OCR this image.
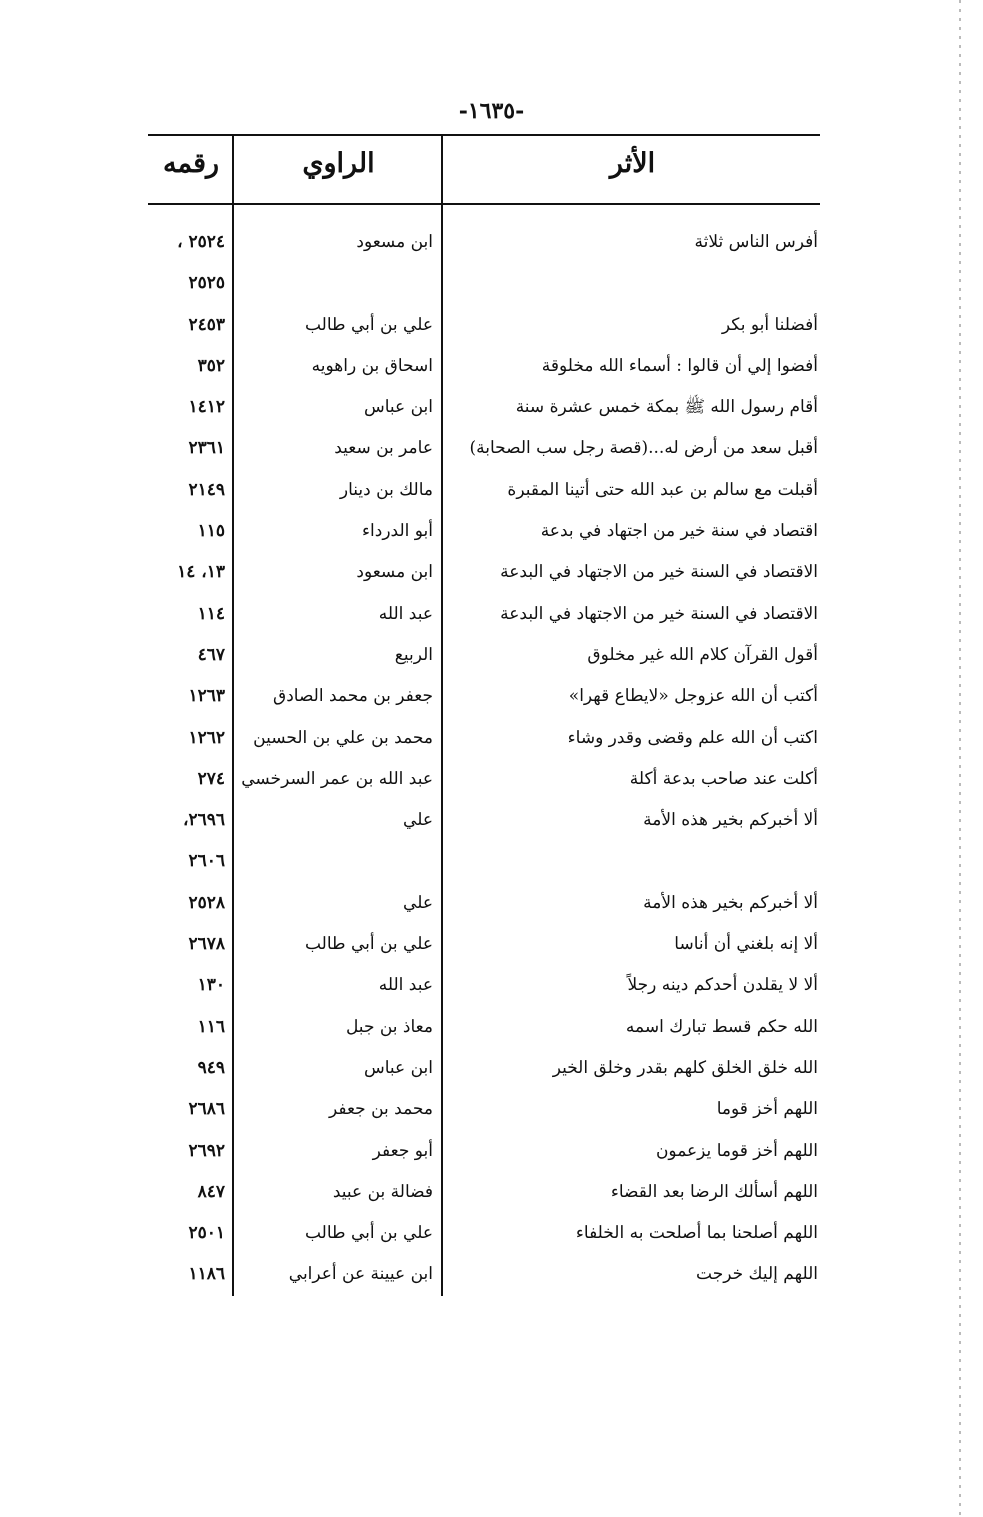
-١٦٣٥-
الأثر
الراوي
رقمه
أفرس الناس ثلاثة
ابن مسعود
٢٥٢٤ ،
٢٥٢٥
أفضلنا أبو بكر
علي بن أبي طالب
٢٤٥٣
أفضوا إلي أن قالوا : أسماء الله مخلوقة
اسحاق بن راهويه
٣٥٢
أقام رسول الله ﷺ بمكة خمس عشرة سنة
ابن عباس
١٤١٢
أقبل سعد من أرض له...(قصة رجل سب الصحابة)
عامر بن سعيد
٢٣٦١
أقبلت مع سالم بن عبد الله حتى أتينا المقبرة
مالك بن دينار
٢١٤٩
اقتصاد في سنة خير من اجتهاد في بدعة
أبو الدرداء
١١٥
الاقتصاد في السنة خير من الاجتهاد في البدعة
ابن مسعود
١٣، ١٤
الاقتصاد في السنة خير من الاجتهاد في البدعة
عبد الله
١١٤
أقول القرآن كلام الله غير مخلوق
الربيع
٤٦٧
أكتب أن الله عزوجل «لايطاع قهرا»
جعفر بن محمد الصادق
١٢٦٣
اكتب أن الله علم وقضى وقدر وشاء
محمد بن علي بن الحسين
١٢٦٢
أكلت عند صاحب بدعة أكلة
عبد الله بن عمر السرخسي
٢٧٤
ألا أخبركم بخير هذه الأمة
علي
٢٦٩٦،
٢٦٠٦
ألا أخبركم بخير هذه الأمة
علي
٢٥٢٨
ألا إنه بلغني أن أناسا
علي بن أبي طالب
٢٦٧٨
ألا لا يقلدن أحدكم دينه رجلاً
عبد الله
١٣٠
الله حكم قسط تبارك اسمه
معاذ بن جبل
١١٦
الله خلق الخلق كلهم بقدر وخلق الخير
ابن عباس
٩٤٩
اللهم أخز قوما
محمد بن جعفر
٢٦٨٦
اللهم أخز قوما يزعمون
أبو جعفر
٢٦٩٢
اللهم أسألك الرضا بعد القضاء
فضالة بن عبيد
٨٤٧
اللهم أصلحنا بما أصلحت به الخلفاء
علي بن أبي طالب
٢٥٠١
اللهم إليك خرجت
ابن عيينة عن أعرابي
١١٨٦
